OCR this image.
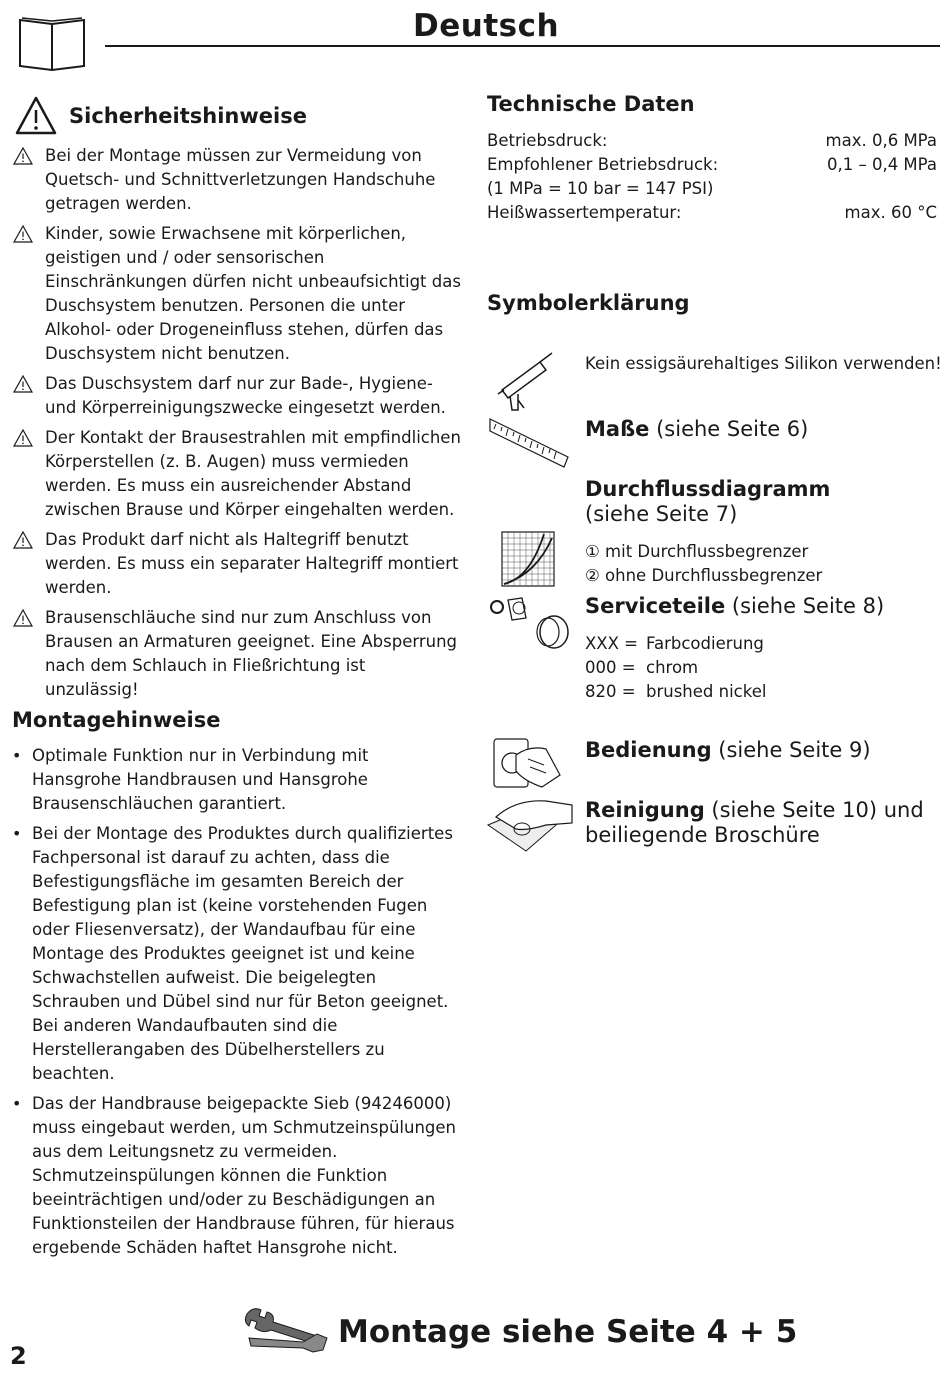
Deutsch
Sicherheitshinweise
Bei der Montage müssen zur Vermeidung von Quetsch- und Schnittverletzungen Handschuhe getragen werden.
Kinder, sowie Erwachsene mit körperlichen, geistigen und / oder sensorischen Einschränkungen dürfen nicht unbeaufsichtigt das Duschsystem benutzen. Personen die unter Alkohol- oder Drogeneinfluss stehen, dürfen das Duschsystem nicht benutzen.
Das Duschsystem darf nur zur Bade-, Hygiene- und Körperreinigungszwecke eingesetzt werden.
Der Kontakt der Brausestrahlen mit empfindlichen Körperstellen (z. B. Augen) muss vermieden werden. Es muss ein ausreichender Abstand zwischen Brause und Körper eingehalten werden.
Das Produkt darf nicht als Haltegriff benutzt werden. Es muss ein separater Haltegriff montiert werden.
Brausenschläuche sind nur zum Anschluss von Brausen an Armaturen geeignet. Eine Absperrung nach dem Schlauch in Fließrichtung ist unzulässig!
Montagehinweise
• Optimale Funktion nur in Verbindung mit Hansgrohe Handbrausen und Hansgrohe Brausenschläuchen garantiert.
• Bei der Montage des Produktes durch qualifiziertes Fachpersonal ist darauf zu achten, dass die Befestigungsfläche im gesamten Bereich der Befestigung plan ist (keine vorstehenden Fugen oder Fliesenversatz), der Wandaufbau für eine Montage des Produktes geeignet ist und keine Schwachstellen aufweist. Die beigelegten Schrauben und Dübel sind nur für Beton geeignet. Bei anderen Wandaufbauten sind die Herstellerangaben des Dübelherstellers zu beachten.
• Das der Handbrause beigepackte Sieb (94246000) muss eingebaut werden, um Schmutzeinspülungen aus dem Leitungsnetz zu vermeiden. Schmutzeinspülungen können die Funktion beeinträchtigen und/oder zu Beschädigungen an Funktionsteilen der Handbrause führen, für hieraus ergebende Schäden haftet Hansgrohe nicht.
Technische Daten
Betriebsdruck:	max. 0,6 MPa
Empfohlener Betriebsdruck:	0,1 – 0,4 MPa
(1 MPa = 10 bar = 147 PSI)
Heißwassertemperatur:	max. 60 °C
Symbolerklärung
Kein essigsäurehaltiges Silikon verwenden!
Maße (siehe Seite 6)
Durchflussdiagramm
(siehe Seite 7)
① mit Durchflussbegrenzer
② ohne Durchflussbegrenzer
Serviceteile (siehe Seite 8)
XXX = Farbcodierung
000 = chrom
820 = brushed nickel
Bedienung (siehe Seite 9)
Reinigung (siehe Seite 10) und
beiliegende Broschüre
Montage siehe Seite 4 + 5
2
